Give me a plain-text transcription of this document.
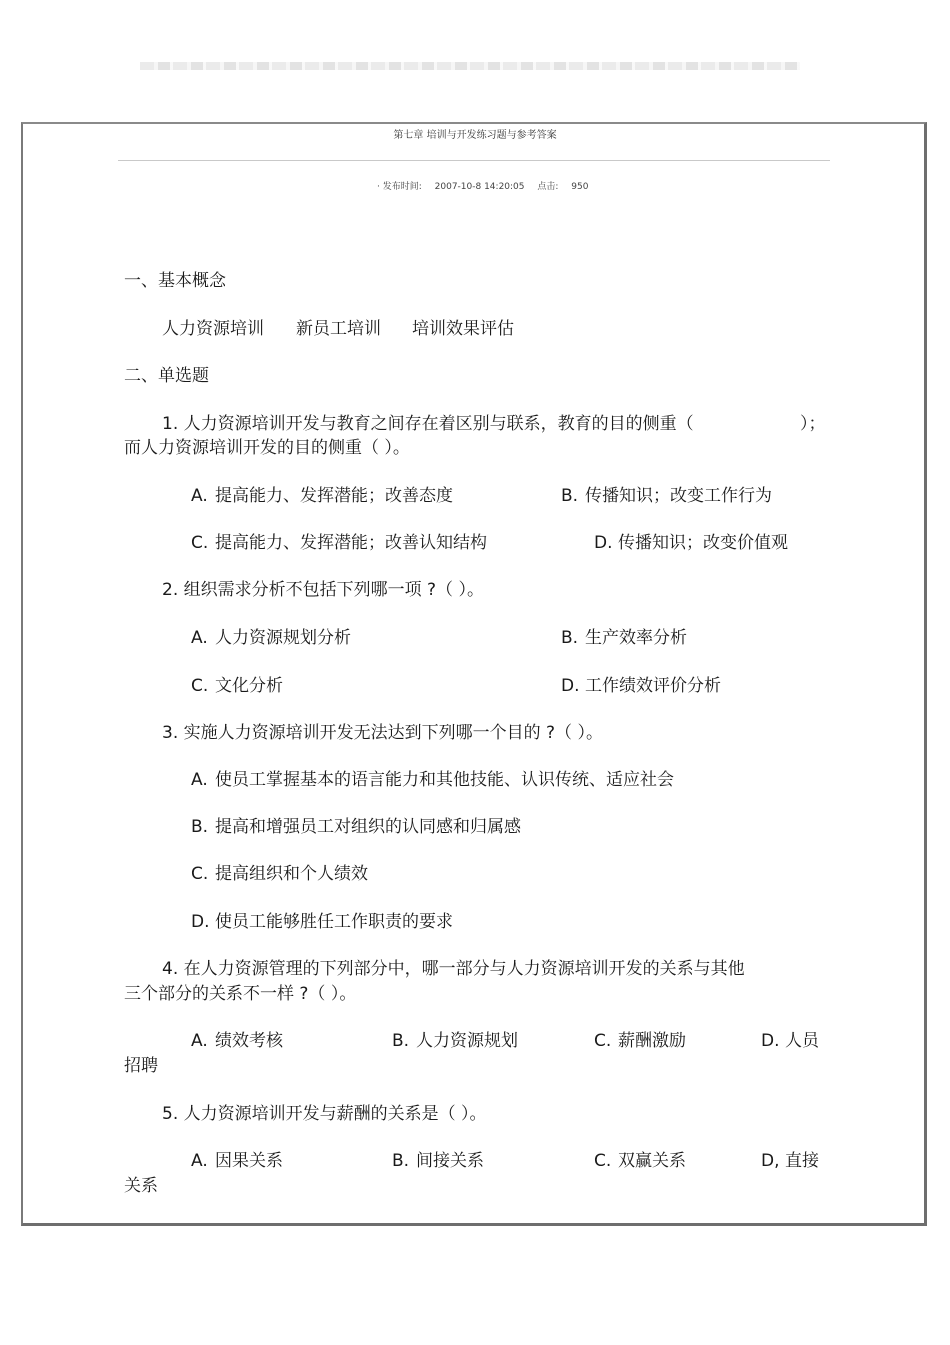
第七章 培训与开发练习题与参考答案
· 发布时间: 2007-10-8 14:20:05 点击: 950
一、基本概念
人力资源培训 新员工培训 培训效果评估
二、单选题
1. 人力资源培训开发与教育之间存在着区别与联系，教育的目的侧重（	）；
而人力资源培训开发的目的侧重（ ）。
A. 提高能力、发挥潜能；改善态度	B. 传播知识；改变工作行为
C. 提高能力、发挥潜能；改善认知结构	D. 传播知识；改变价值观
2. 组织需求分析不包括下列哪一项 ?（ ）。
A. 人力资源规划分析	B. 生产效率分析
C. 文化分析	D. 工作绩效评价分析
3. 实施人力资源培训开发无法达到下列哪一个目的 ?（ ）。
A. 使员工掌握基本的语言能力和其他技能、认识传统、适应社会
B. 提高和增强员工对组织的认同感和归属感
C. 提高组织和个人绩效
D. 使员工能够胜任工作职责的要求
4. 在人力资源管理的下列部分中，哪一部分与人力资源培训开发的关系与其他
三个部分的关系不一样 ?（ ）。
A. 绩效考核	B. 人力资源规划	C. 薪酬激励	D. 人员
招聘
5. 人力资源培训开发与薪酬的关系是（ ）。
A. 因果关系	B. 间接关系	C. 双赢关系	D, 直接
关系
